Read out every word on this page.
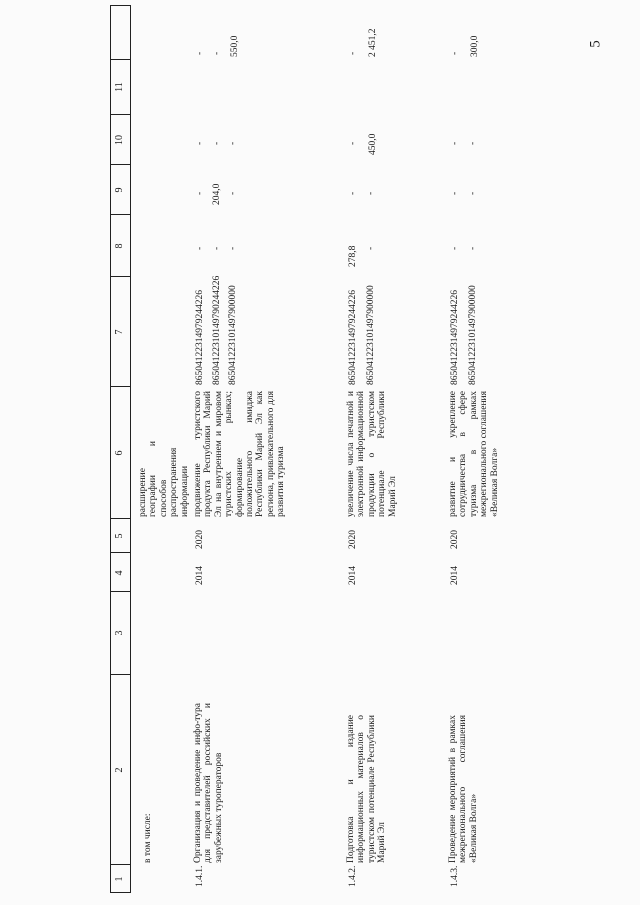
5
1
2
3
4
5
6
7
8
9
10
11
в том числе:
расширение географии и способов распространения информации
1.4.1.
Организация и проведение инфо-тура для представителей российских и зарубежных туроператоров
2014
2020
продвижение туристского продукта Республики Марий Эл на внутреннем и мировом туристских рынках; формирование положительного имиджа Республики Марий Эл как региона, привлекательного для развития туризма
86504122314979244226 86504122310149790244226 865041223101497900000
- - -
- 204,0 -
- - -
- - 550,0
1.4.2.
Подготовка и издание информационных материалов о туристском потенциале Республики Марий Эл
2014
2020
увеличение числа печатной и электронной информационной продукции о туристском потенциале Республики Марий Эл
86504122314979244226 865041223101497900000
278,8 -
- -
- 450,0
- 2 451,2
1.4.3.
Проведение мероприятий в рамках межрегионального соглашения «Великая Волга»
2014
2020
развитие и укрепление сотрудничества в сфере туризма в рамках межрегионального соглашения «Великая Волга»
86504122314979244226 865041223101497900000
- -
- -
- -
- 300,0
